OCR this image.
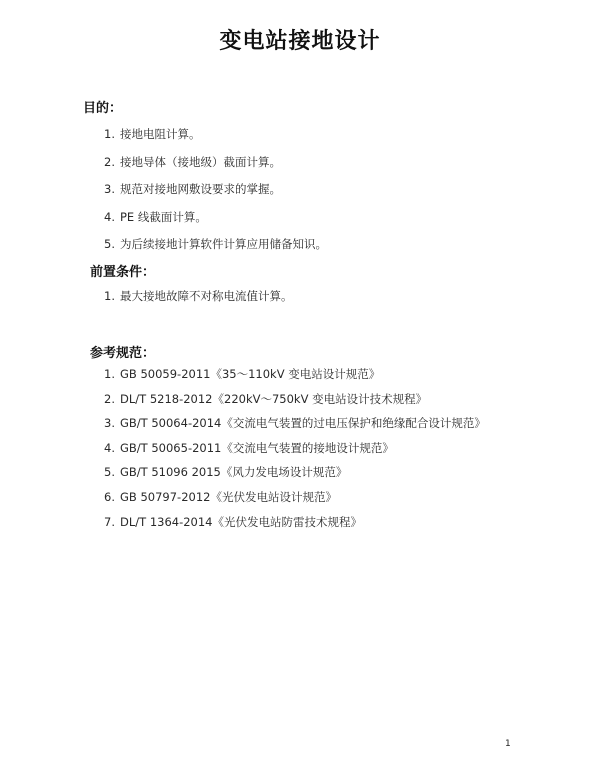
变电站接地设计
目的：
1. 接地电阻计算。
2. 接地导体（接地级）截面计算。
3. 规范对接地网敷设要求的掌握。
4. PE 线截面计算。
5. 为后续接地计算软件计算应用储备知识。
前置条件：
1. 最大接地故障不对称电流值计算。
参考规范：
1. GB 50059-2011《35～110kV 变电站设计规范》
2. DL/T 5218-2012《220kV～750kV 变电站设计技术规程》
3. GB/T 50064-2014《交流电气装置的过电压保护和绝缘配合设计规范》
4. GB/T 50065-2011《交流电气装置的接地设计规范》
5. GB/T 51096 2015《风力发电场设计规范》
6. GB 50797-2012《光伏发电站设计规范》
7. DL/T 1364-2014《光伏发电站防雷技术规程》
1
